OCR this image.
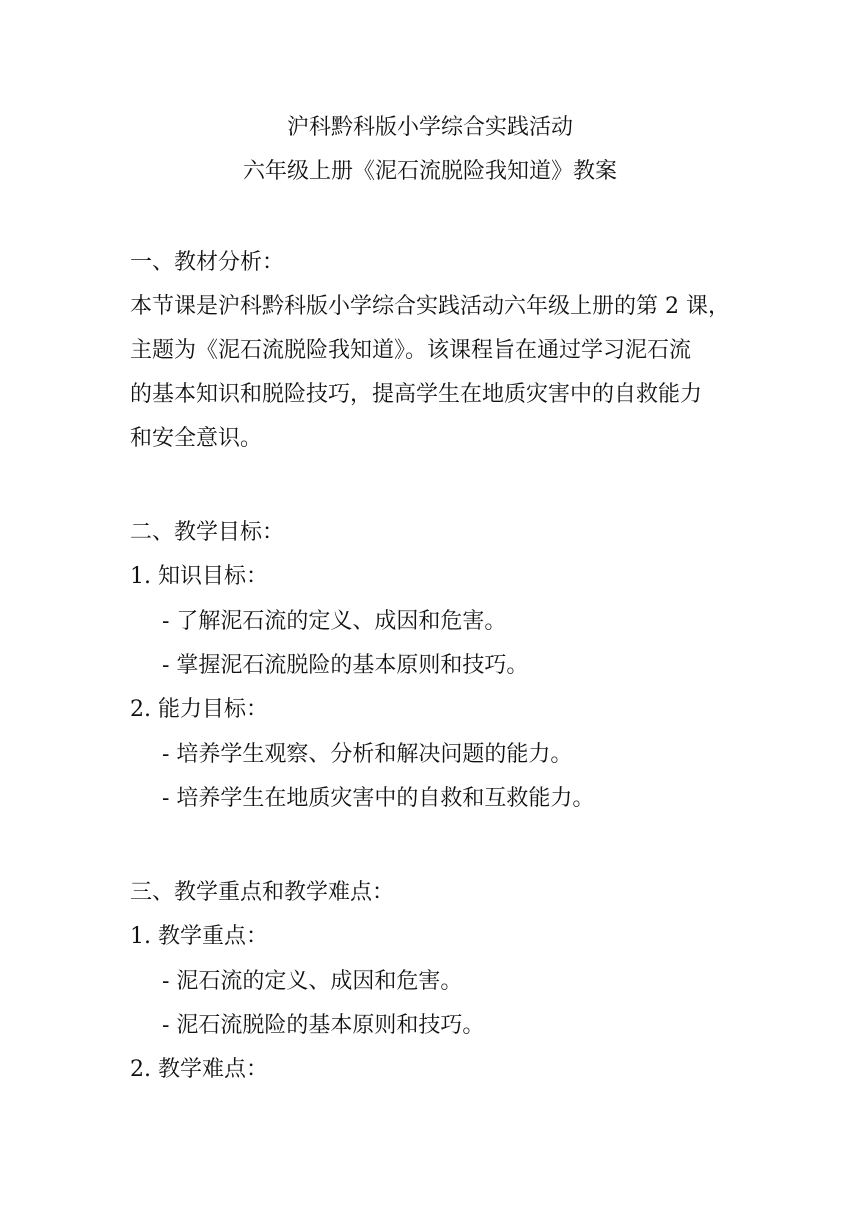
沪科黔科版小学综合实践活动
六年级上册《泥石流脱险我知道》教案
一、教材分析：
本节课是沪科黔科版小学综合实践活动六年级上册的第 2 课，
主题为《泥石流脱险我知道》。该课程旨在通过学习泥石流
的基本知识和脱险技巧，提高学生在地质灾害中的自救能力
和安全意识。
二、教学目标：
1. 知识目标：
- 了解泥石流的定义、成因和危害。
- 掌握泥石流脱险的基本原则和技巧。
2. 能力目标：
- 培养学生观察、分析和解决问题的能力。
- 培养学生在地质灾害中的自救和互救能力。
三、教学重点和教学难点：
1. 教学重点：
- 泥石流的定义、成因和危害。
- 泥石流脱险的基本原则和技巧。
2. 教学难点：
